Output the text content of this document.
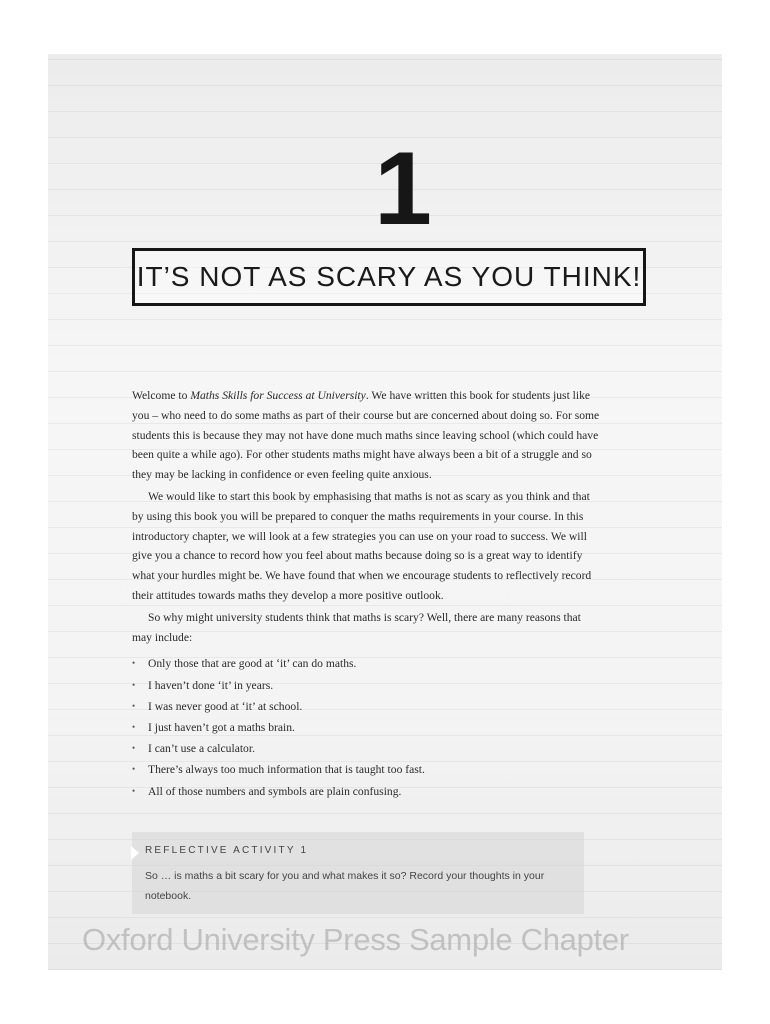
1
IT’S NOT AS SCARY AS YOU THINK!

Welcome to Maths Skills for Success at University. We have written this book for students just like you – who need to do some maths as part of their course but are concerned about doing so. For some students this is because they may not have done much maths since leaving school (which could have been quite a while ago). For other students maths might have always been a bit of a struggle and so they may be lacking in confidence or even feeling quite anxious.

We would like to start this book by emphasising that maths is not as scary as you think and that by using this book you will be prepared to conquer the maths requirements in your course. In this introductory chapter, we will look at a few strategies you can use on your road to success. We will give you a chance to record how you feel about maths because doing so is a great way to identify what your hurdles might be. We have found that when we encourage students to reflectively record their attitudes towards maths they develop a more positive outlook.

So why might university students think that maths is scary? Well, there are many reasons that may include:

• Only those that are good at ‘it’ can do maths.
• I haven’t done ‘it’ in years.
• I was never good at ‘it’ at school.
• I just haven’t got a maths brain.
• I can’t use a calculator.
• There’s always too much information that is taught too fast.
• All of those numbers and symbols are plain confusing.
REFLECTIVE ACTIVITY 1
So … is maths a bit scary for you and what makes it so? Record your thoughts in your notebook.
Oxford University Press Sample Chapter
